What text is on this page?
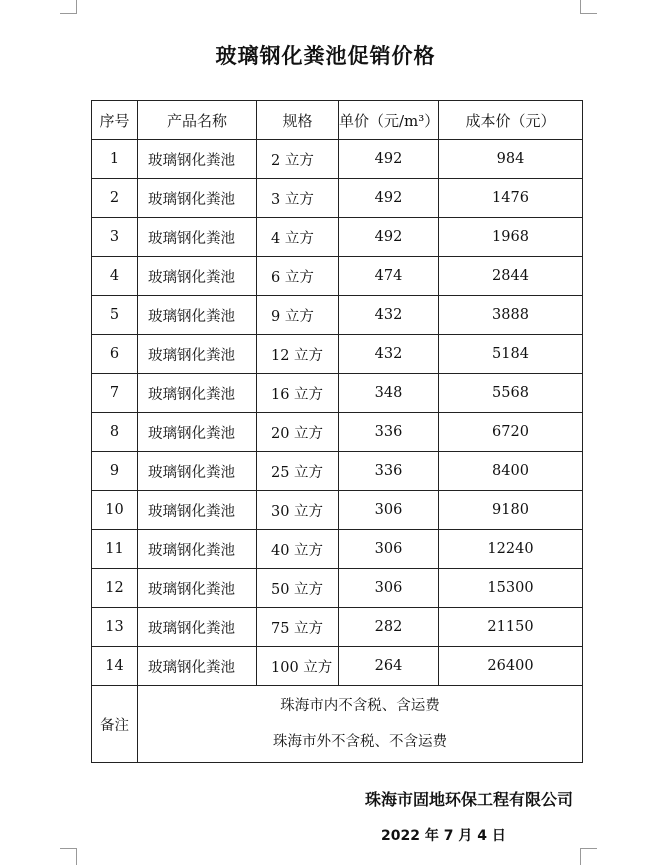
玻璃钢化粪池促销价格
序号	产品名称	规格	单价（元/m³）	成本价（元）
1	玻璃钢化粪池	2 立方	492	984
2	玻璃钢化粪池	3 立方	492	1476
3	玻璃钢化粪池	4 立方	492	1968
4	玻璃钢化粪池	6 立方	474	2844
5	玻璃钢化粪池	9 立方	432	3888
6	玻璃钢化粪池	12 立方	432	5184
7	玻璃钢化粪池	16 立方	348	5568
8	玻璃钢化粪池	20 立方	336	6720
9	玻璃钢化粪池	25 立方	336	8400
10	玻璃钢化粪池	30 立方	306	9180
11	玻璃钢化粪池	40 立方	306	12240
12	玻璃钢化粪池	50 立方	306	15300
13	玻璃钢化粪池	75 立方	282	21150
14	玻璃钢化粪池	100 立方	264	26400
备注	珠海市内不含税、含运费
珠海市外不含税、不含运费			
珠海市固地环保工程有限公司
2022 年 7 月 4 日
